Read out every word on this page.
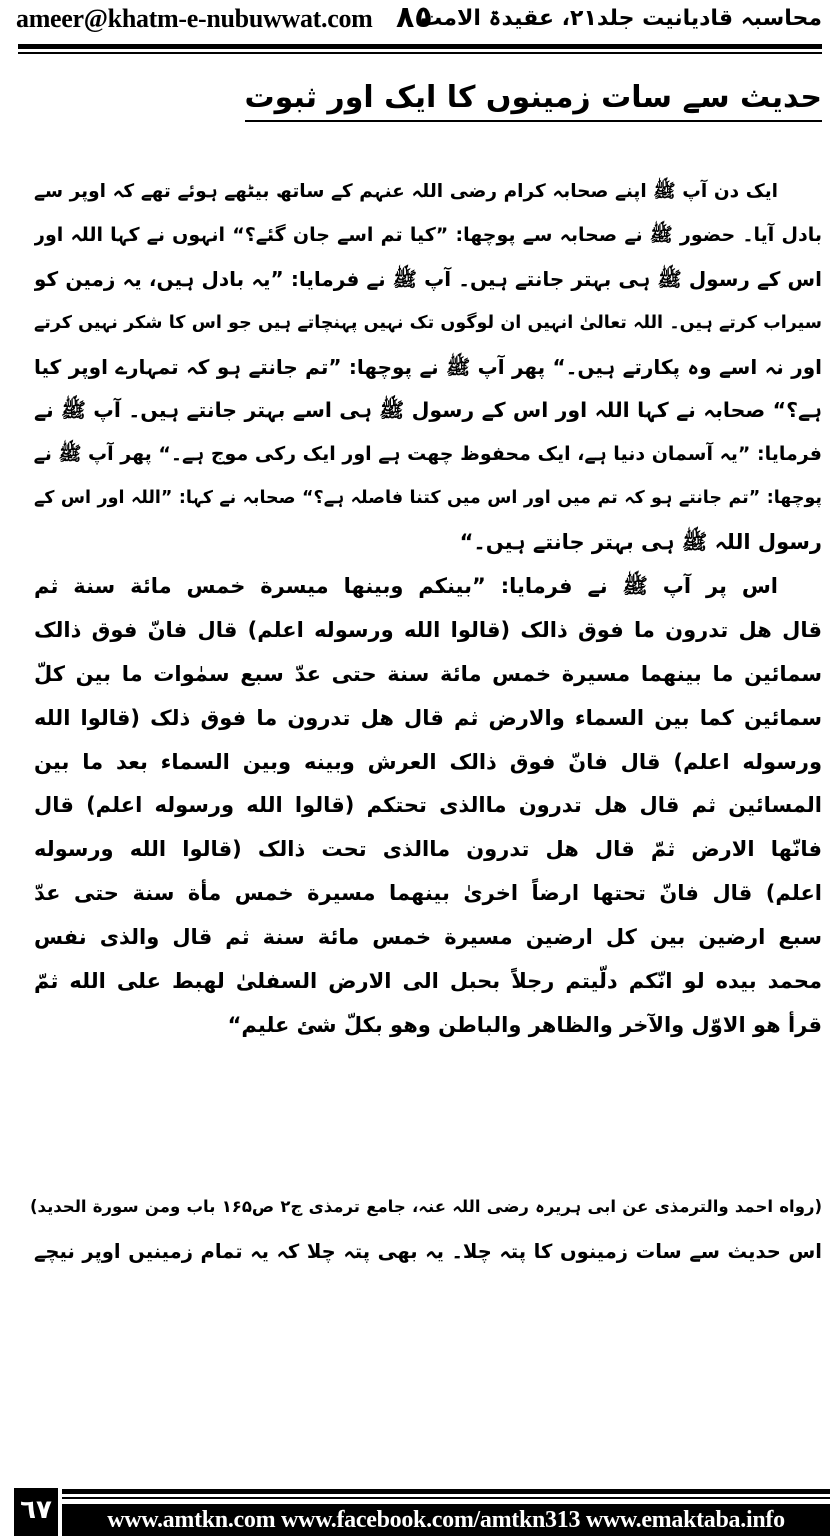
ameer@khatm-e-nubuwwat.com ٨٥
محاسبہ قادیانیت جلد۲۱، عقیدۃ الامت
حدیث سے سات زمینوں کا ایک اور ثبوت
ایک دن آپ ﷺ اپنے صحابہ کرام رضی اللہ عنہم کے ساتھ بیٹھے ہوئے تھے کہ اوپر سے
بادل آیا۔ حضور ﷺ نے صحابہ سے پوچھا: ”کیا تم اسے جان گئے؟“ انہوں نے کہا اللہ اور
اس کے رسول ﷺ ہی بہتر جانتے ہیں۔ آپ ﷺ نے فرمایا: ”یہ بادل ہیں، یہ زمین کو
سیراب کرتے ہیں۔ اللہ تعالیٰ انہیں ان لوگوں تک نہیں پہنچاتے ہیں جو اس کا شکر نہیں کرتے
اور نہ اسے وہ پکارتے ہیں۔“ پھر آپ ﷺ نے پوچھا: ”تم جانتے ہو کہ تمہارے اوپر کیا
ہے؟“ صحابہ نے کہا اللہ اور اس کے رسول ﷺ ہی اسے بہتر جانتے ہیں۔ آپ ﷺ نے
فرمایا: ”یہ آسمان دنیا ہے، ایک محفوظ چھت ہے اور ایک رکی موج ہے۔“ پھر آپ ﷺ نے
پوچھا: ”تم جانتے ہو کہ تم میں اور اس میں کتنا فاصلہ ہے؟“ صحابہ نے کہا: ”اللہ اور اس کے
رسول اللہ ﷺ ہی بہتر جانتے ہیں۔“
اس پر آپ ﷺ نے فرمایا: ”بینکم وبینها میسرة خمس مائة سنة ثم
قال هل تدرون ما فوق ذالک (قالوا الله ورسوله اعلم) قال فانّ فوق ذالک
سمائين ما بينهما مسيرة خمس مائة سنة حتى عدّ سبع سمٰوات ما بين كلّ
سمائين كما بين السماء والارض ثم قال هل تدرون ما فوق ذلک (قالوا الله
ورسوله اعلم) قال فانّ فوق ذالک العرش وبينه وبين السماء بعد ما بين
المسائين ثم قال هل تدرون ماالذى تحتكم (قالوا الله ورسوله اعلم) قال
فانّها الارض ثمّ قال هل تدرون ماالذى تحت ذالک (قالوا الله ورسوله
اعلم) قال فانّ تحتها ارضاً اخرىٰ بينهما مسيرة خمس مأة سنة حتى عدّ
سبع ارضين بين كل ارضين مسيرة خمس مائة سنة ثم قال والذى نفس
محمد بيده لو انّكم دلّيتم رجلاً بحبل الى الارض السفلىٰ لهبط على الله ثمّ
قرأ هو الاوّل والآخر والظاهر والباطن وهو بكلّ شئ عليم“
(رواه احمد والترمذی عن ابی ہریرہ رضی اللہ عنہ، جامع ترمذی ج۲ ص۱۶۵ باب ومن سورة الحديد)
اس حدیث سے سات زمینوں کا پتہ چلا۔ یہ بھی پتہ چلا کہ یہ تمام زمینیں اوپر نیچے
٦٧	www.amtkn.com www.facebook.com/amtkn313 www.emaktaba.info
